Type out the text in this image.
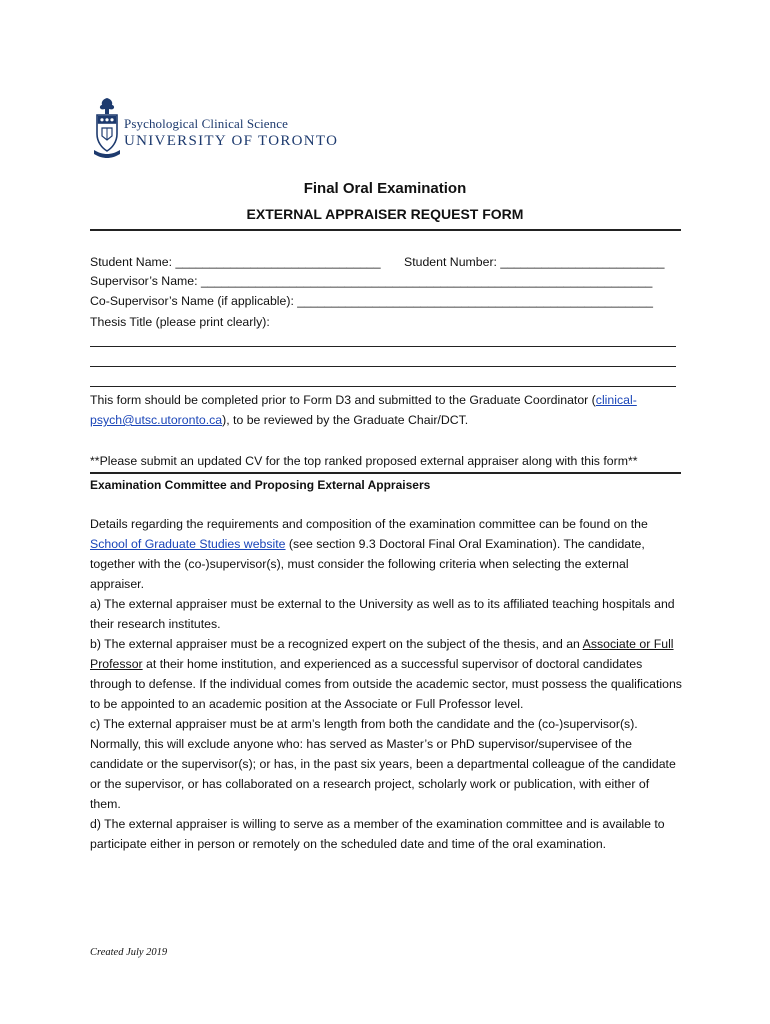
Psychological Clinical Science
UNIVERSITY OF TORONTO
Final Oral Examination
EXTERNAL APPRAISER REQUEST FORM
Student Name: ______________________________ Student Number: ________________________
Supervisor’s Name: __________________________________________________________________
Co-Supervisor’s Name (if applicable): ____________________________________________________
Thesis Title (please print clearly):

This form should be completed prior to Form D3 and submitted to the Graduate Coordinator (clinical-psych@utsc.utoronto.ca), to be reviewed by the Graduate Chair/DCT.

**Please submit an updated CV for the top ranked proposed external appraiser along with this form**
Examination Committee and Proposing External Appraisers

Details regarding the requirements and composition of the examination committee can be found on the School of Graduate Studies website (see section 9.3 Doctoral Final Oral Examination). The candidate, together with the (co-)supervisor(s), must consider the following criteria when selecting the external appraiser.

a) The external appraiser must be external to the University as well as to its affiliated teaching hospitals and their research institutes.

b) The external appraiser must be a recognized expert on the subject of the thesis, and an Associate or Full Professor at their home institution, and experienced as a successful supervisor of doctoral candidates through to defense. If the individual comes from outside the academic sector, must possess the qualifications to be appointed to an academic position at the Associate or Full Professor level.

c) The external appraiser must be at arm’s length from both the candidate and the (co-)supervisor(s). Normally, this will exclude anyone who: has served as Master’s or PhD supervisor/supervisee of the candidate or the supervisor(s); or has, in the past six years, been a departmental colleague of the candidate or the supervisor, or has collaborated on a research project, scholarly work or publication, with either of them.

d) The external appraiser is willing to serve as a member of the examination committee and is available to participate either in person or remotely on the scheduled date and time of the oral examination.

Created July 2019
